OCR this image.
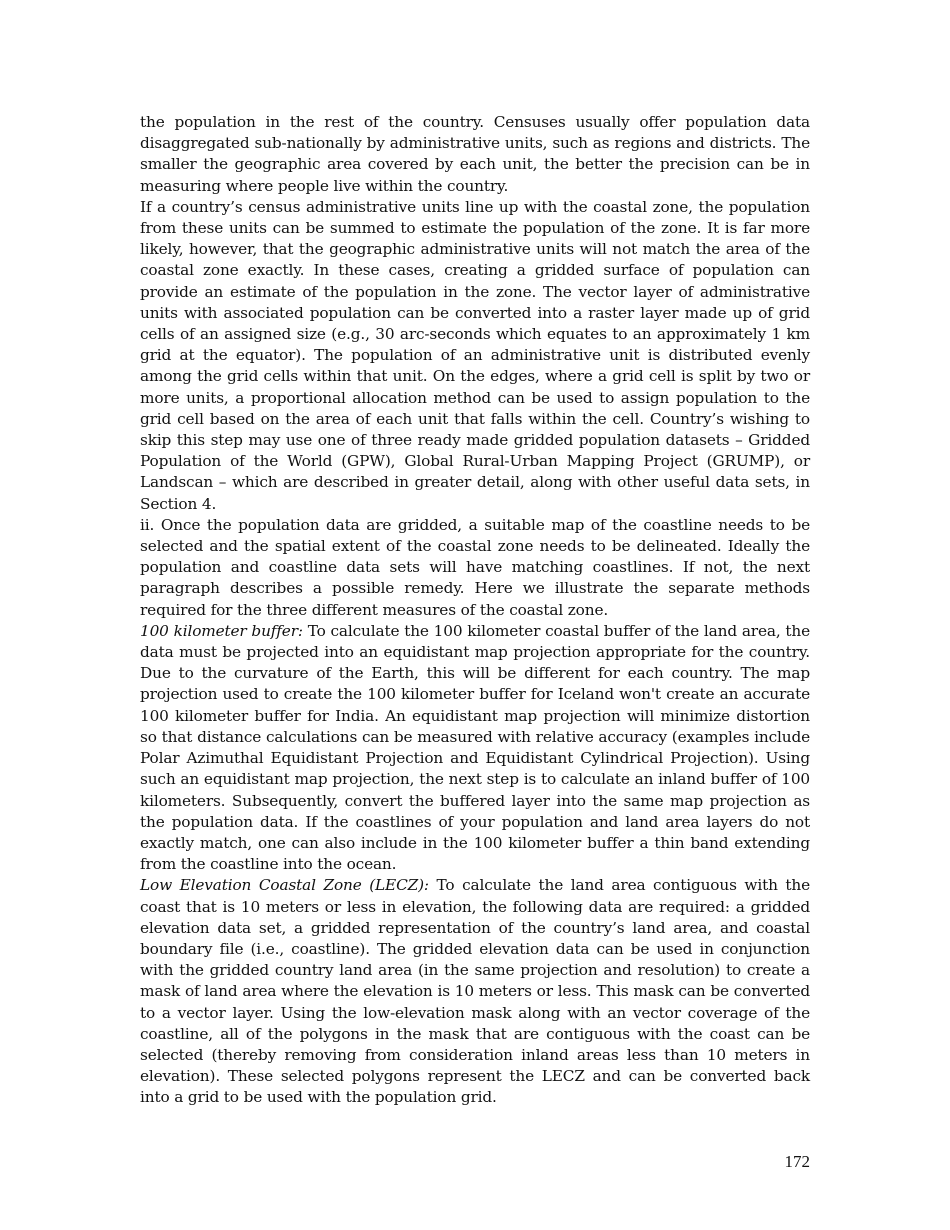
the population in the rest of the country. Censuses usually offer population data disaggregated sub-nationally by administrative units, such as regions and districts. The smaller the geographic area covered by each unit, the better the precision can be in measuring where people live within the country.

If a country’s census administrative units line up with the coastal zone, the population from these units can be summed to estimate the population of the zone. It is far more likely, however, that the geographic administrative units will not match the area of the coastal zone exactly. In these cases, creating a gridded surface of population can provide an estimate of the population in the zone. The vector layer of administrative units with associated population can be converted into a raster layer made up of grid cells of an assigned size (e.g., 30 arc-seconds which equates to an approximately 1 km grid at the equator). The population of an administrative unit is distributed evenly among the grid cells within that unit. On the edges, where a grid cell is split by two or more units, a proportional allocation method can be used to assign population to the grid cell based on the area of each unit that falls within the cell. Country’s wishing to skip this step may use one of three ready made gridded population datasets – Gridded Population of the World (GPW), Global Rural-Urban Mapping Project (GRUMP), or Landscan – which are described in greater detail, along with other useful data sets, in Section 4.

ii. Once the population data are gridded, a suitable map of the coastline needs to be selected and the spatial extent of the coastal zone needs to be delineated. Ideally the population and coastline data sets will have matching coastlines. If not, the next paragraph describes a possible remedy. Here we illustrate the separate methods required for the three different measures of the coastal zone.

100 kilometer buffer: To calculate the 100 kilometer coastal buffer of the land area, the data must be projected into an equidistant map projection appropriate for the country. Due to the curvature of the Earth, this will be different for each country. The map projection used to create the 100 kilometer buffer for Iceland won't create an accurate 100 kilometer buffer for India. An equidistant map projection will minimize distortion so that distance calculations can be measured with relative accuracy (examples include Polar Azimuthal Equidistant Projection and Equidistant Cylindrical Projection). Using such an equidistant map projection, the next step is to calculate an inland buffer of 100 kilometers. Subsequently, convert the buffered layer into the same map projection as the population data. If the coastlines of your population and land area layers do not exactly match, one can also include in the 100 kilometer buffer a thin band extending from the coastline into the ocean.

Low Elevation Coastal Zone (LECZ): To calculate the land area contiguous with the coast that is 10 meters or less in elevation, the following data are required: a gridded elevation data set, a gridded representation of the country’s land area, and coastal boundary file (i.e., coastline). The gridded elevation data can be used in conjunction with the gridded country land area (in the same projection and resolution) to create a mask of land area where the elevation is 10 meters or less. This mask can be converted to a vector layer. Using the low-elevation mask along with an vector coverage of the coastline, all of the polygons in the mask that are contiguous with the coast can be selected (thereby removing from consideration inland areas less than 10 meters in elevation). These selected polygons represent the LECZ and can be converted back into a grid to be used with the population grid.

172
